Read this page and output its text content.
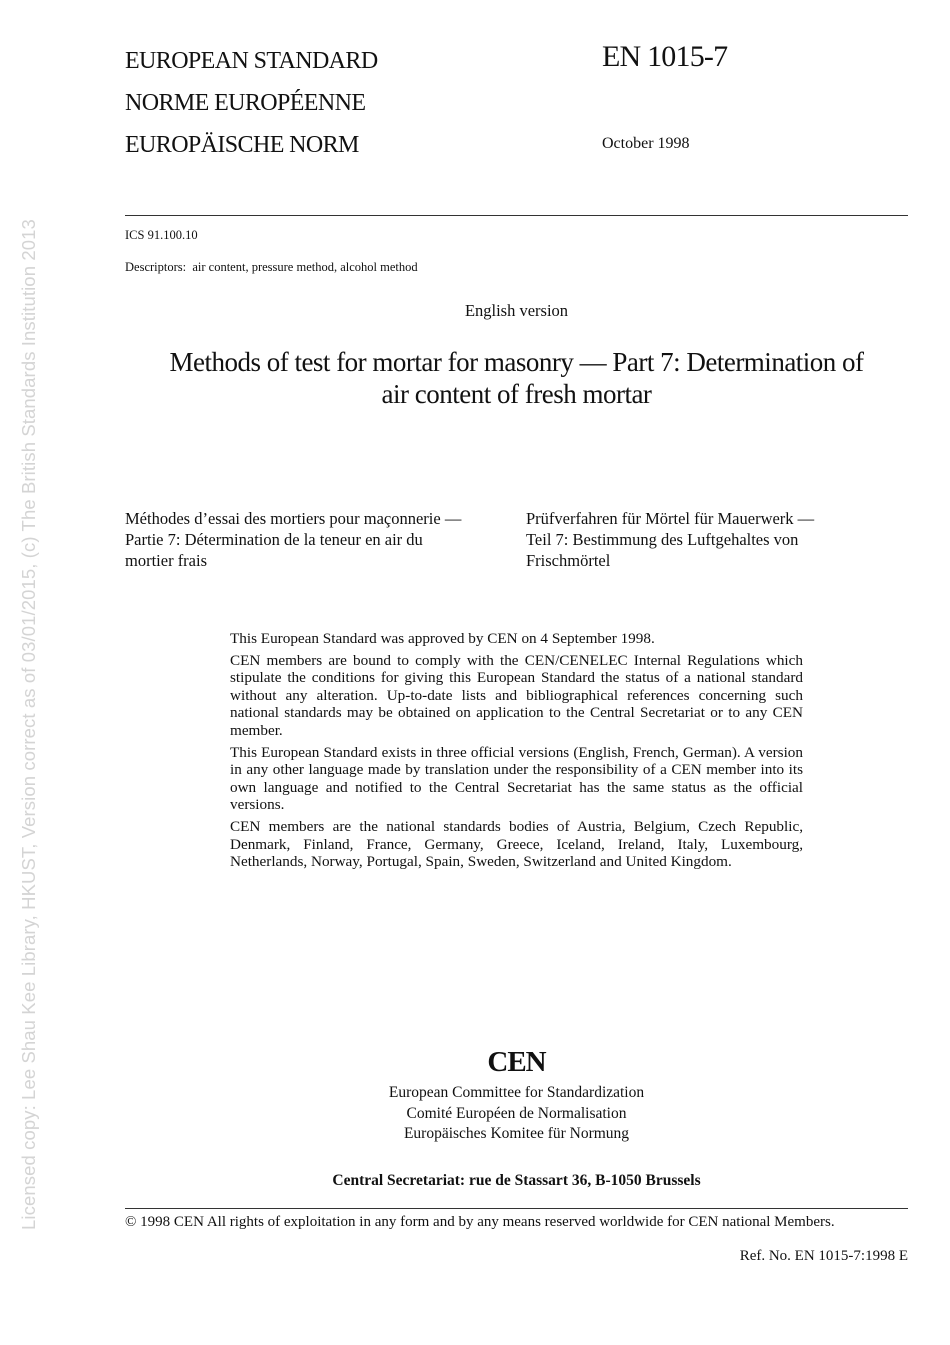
Licensed copy: Lee Shau Kee Library, HKUST, Version correct as of 03/01/2015, (c) The British Standards Institution 2013
EUROPEAN STANDARD
NORME EUROPÉENNE
EUROPÄISCHE NORM
EN 1015-7
October 1998
ICS 91.100.10
Descriptors:  air content, pressure method, alcohol method
English version
Methods of test for mortar for masonry — Part 7: Determination of
air content of fresh mortar
Méthodes d’essai des mortiers pour maçonnerie —
Partie 7: Détermination de la teneur en air du
mortier frais
Prüfverfahren für Mörtel für Mauerwerk —
Teil 7: Bestimmung des Luftgehaltes von
Frischmörtel

This European Standard was approved by CEN on 4 September 1998.

CEN members are bound to comply with the CEN/CENELEC Internal Regulations which stipulate the conditions for giving this European Standard the status of a national standard without any alteration. Up-to-date lists and bibliographical references concerning such national standards may be obtained on application to the Central Secretariat or to any CEN member.

This European Standard exists in three official versions (English, French, German). A version in any other language made by translation under the responsibility of a CEN member into its own language and notified to the Central Secretariat has the same status as the official versions.

CEN members are the national standards bodies of Austria, Belgium, Czech Republic, Denmark, Finland, France, Germany, Greece, Iceland, Ireland, Italy, Luxembourg, Netherlands, Norway, Portugal, Spain, Sweden, Switzerland and United Kingdom.

CEN
European Committee for Standardization
Comité Européen de Normalisation
Europäisches Komitee für Normung
Central Secretariat: rue de Stassart 36, B-1050 Brussels
© 1998 CEN All rights of exploitation in any form and by any means reserved worldwide for CEN national Members.
Ref. No. EN 1015-7:1998 E
